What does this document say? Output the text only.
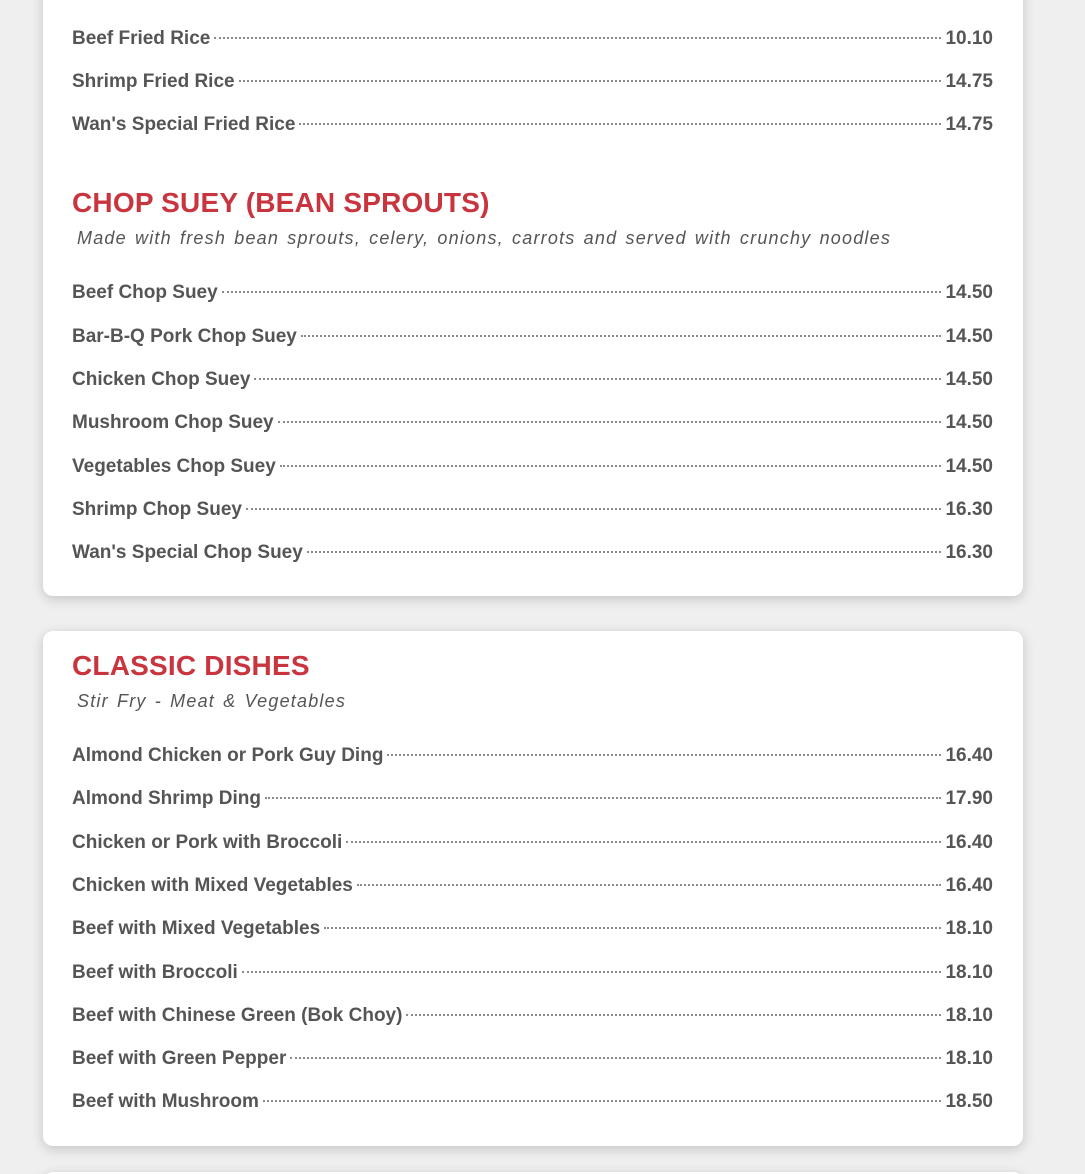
Beef Fried Rice	10.10
Shrimp Fried Rice	14.75
Wan's Special Fried Rice	14.75
CHOP SUEY (BEAN SPROUTS)
Made with fresh bean sprouts, celery, onions, carrots and served with crunchy noodles
Beef Chop Suey	14.50
Bar-B-Q Pork Chop Suey	14.50
Chicken Chop Suey	14.50
Mushroom Chop Suey	14.50
Vegetables Chop Suey	14.50
Shrimp Chop Suey	16.30
Wan's Special Chop Suey	16.30
CLASSIC DISHES
Stir Fry - Meat & Vegetables
Almond Chicken or Pork Guy Ding	16.40
Almond Shrimp Ding	17.90
Chicken or Pork with Broccoli	16.40
Chicken with Mixed Vegetables	16.40
Beef with Mixed Vegetables	18.10
Beef with Broccoli	18.10
Beef with Chinese Green (Bok Choy)	18.10
Beef with Green Pepper	18.10
Beef with Mushroom	18.50
